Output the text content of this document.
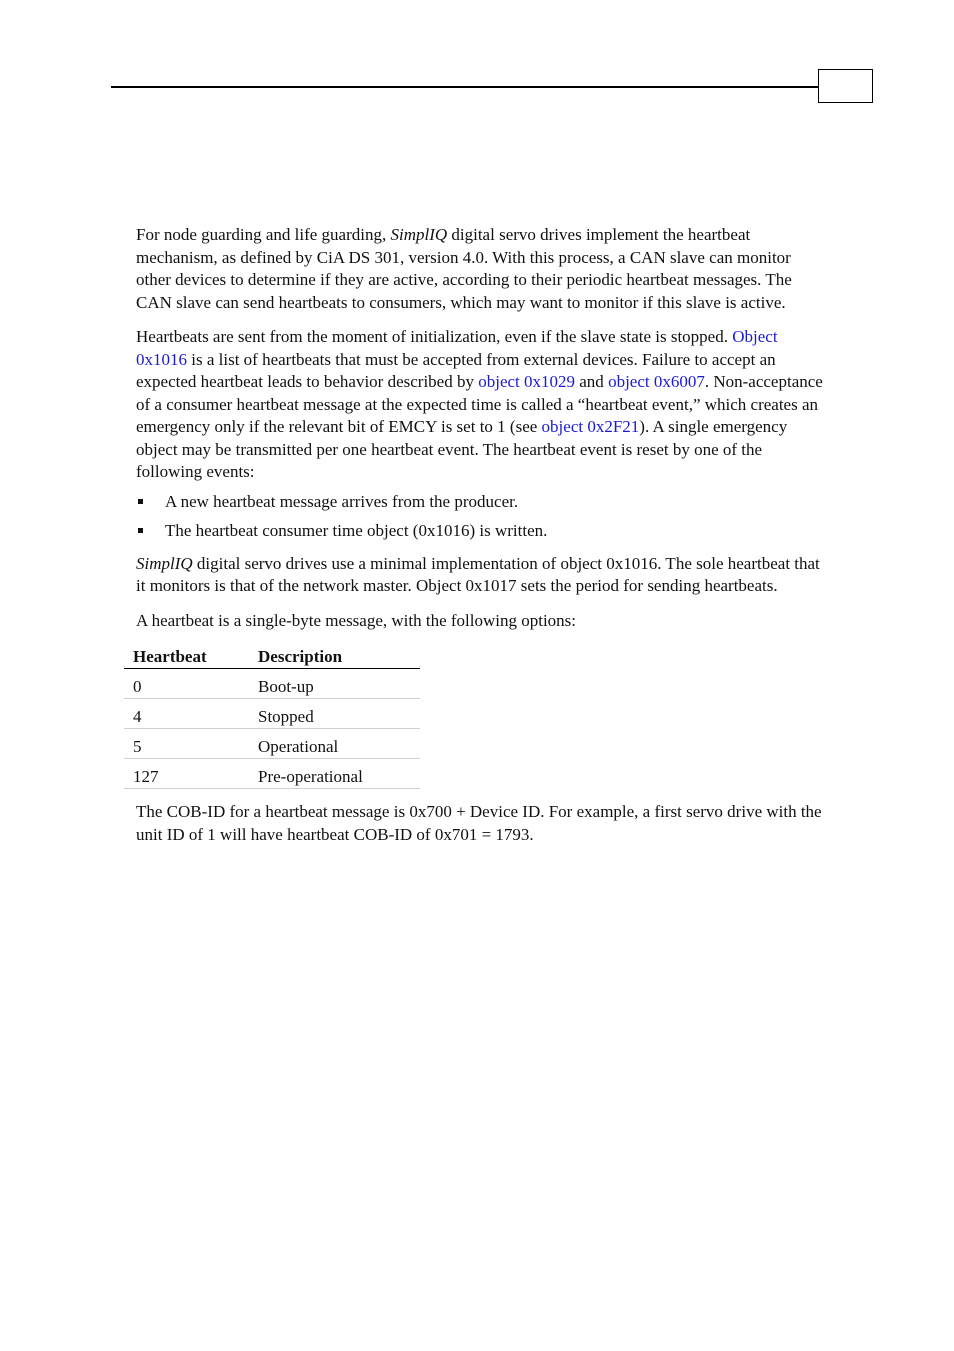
For node guarding and life guarding, SimplIQ digital servo drives implement the heartbeat mechanism, as defined by CiA DS 301, version 4.0. With this process, a CAN slave can monitor other devices to determine if they are active, according to their periodic heartbeat messages. The CAN slave can send heartbeats to consumers, which may want to monitor if this slave is active.

Heartbeats are sent from the moment of initialization, even if the slave state is stopped. Object 0x1016 is a list of heartbeats that must be accepted from external devices. Failure to accept an expected heartbeat leads to behavior described by object 0x1029 and object 0x6007. Non-acceptance of a consumer heartbeat message at the expected time is called a “heartbeat event,” which creates an emergency only if the relevant bit of EMCY is set to 1 (see object 0x2F21). A single emergency object may be transmitted per one heartbeat event. The heartbeat event is reset by one of the following events:

A new heartbeat message arrives from the producer.
The heartbeat consumer time object (0x1016) is written.

SimplIQ digital servo drives use a minimal implementation of object 0x1016. The sole heartbeat that it monitors is that of the network master. Object 0x1017 sets the period for sending heartbeats.

A heartbeat is a single-byte message, with the following options:

Heartbeat	Description
0	Boot-up
4	Stopped
5	Operational
127	Pre-operational

The COB-ID for a heartbeat message is 0x700 + Device ID. For example, a first servo drive with the unit ID of 1 will have heartbeat COB-ID of 0x701 = 1793.
